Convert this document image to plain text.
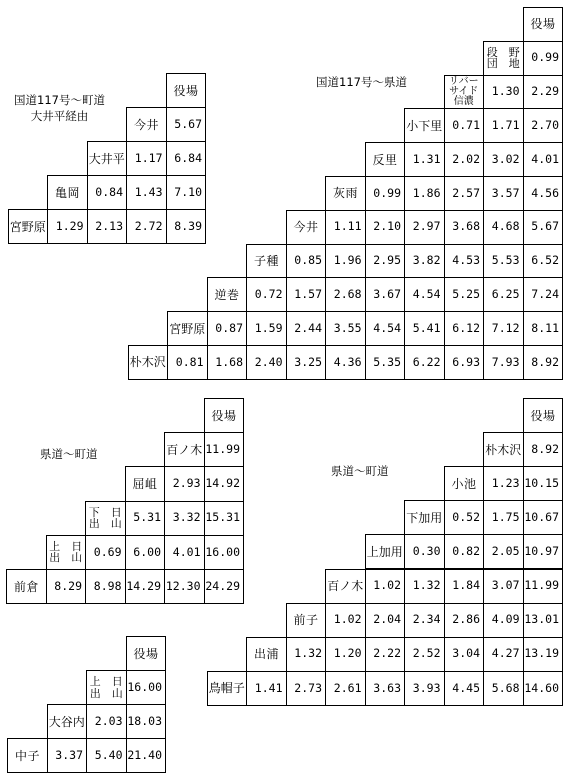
国道117号～町道
大井平経由
役 場
今 井	5.67
大井平 1.17	6.84
亀 岡	0.84	1.43	7.10
宮野原 1.29	2.13	2.72	8.39
国道117号～県道
役 場
段　野
団　地	0.99
リバー
サイド
信濃
1.30	2.29
小下里 0.71	1.71	2.70
反 里	1.31	2.02	3.02	4.01
灰 雨	0.99	1.86	2.57	3.57	4.56
今 井	1.11	2.10	2.97	3.68	4.68	5.67
子 種	0.85	1.96	2.95	3.82	4.53	5.53	6.52
逆 巻	0.72	1.57	2.68	3.67	4.54	5.25	6.25	7.24
宮野原 0.87	1.59	2.44	3.55	4.54	5.41	6.12	7.12	8.11
朴木沢 0.81	1.68	2.40	3.25	4.36	5.35	6.22	6.93	7.93	8.92
県道～町道
役 場
百ノ木 11.99
屈 岨	2.93 14.92
下　日
出　山	5.31	3.32 15.31
上　日
出　山	0.69	6.00	4.01 16.00
前 倉	8.29	8.98 14.29 12.30 24.29
県道～町道
役 場
朴木沢 8.92
小 池	1.23 10.15
下加用 0.52	1.75 10.67
上加用 0.30	0.82	2.05 10.97
百ノ木 1.02	1.32	1.84	3.07 11.99
前 子	1.02	2.04	2.34	2.86	4.09 13.01
出 浦	1.32	1.20	2.22	2.52	3.04	4.27 13.19
鳥帽子 1.41	2.73	2.61	3.63	3.93	4.45	5.68 14.60
役 場
上　日
出　山 16.00
大谷内 2.03 18.03
中 子	3.37	5.40 21.40
